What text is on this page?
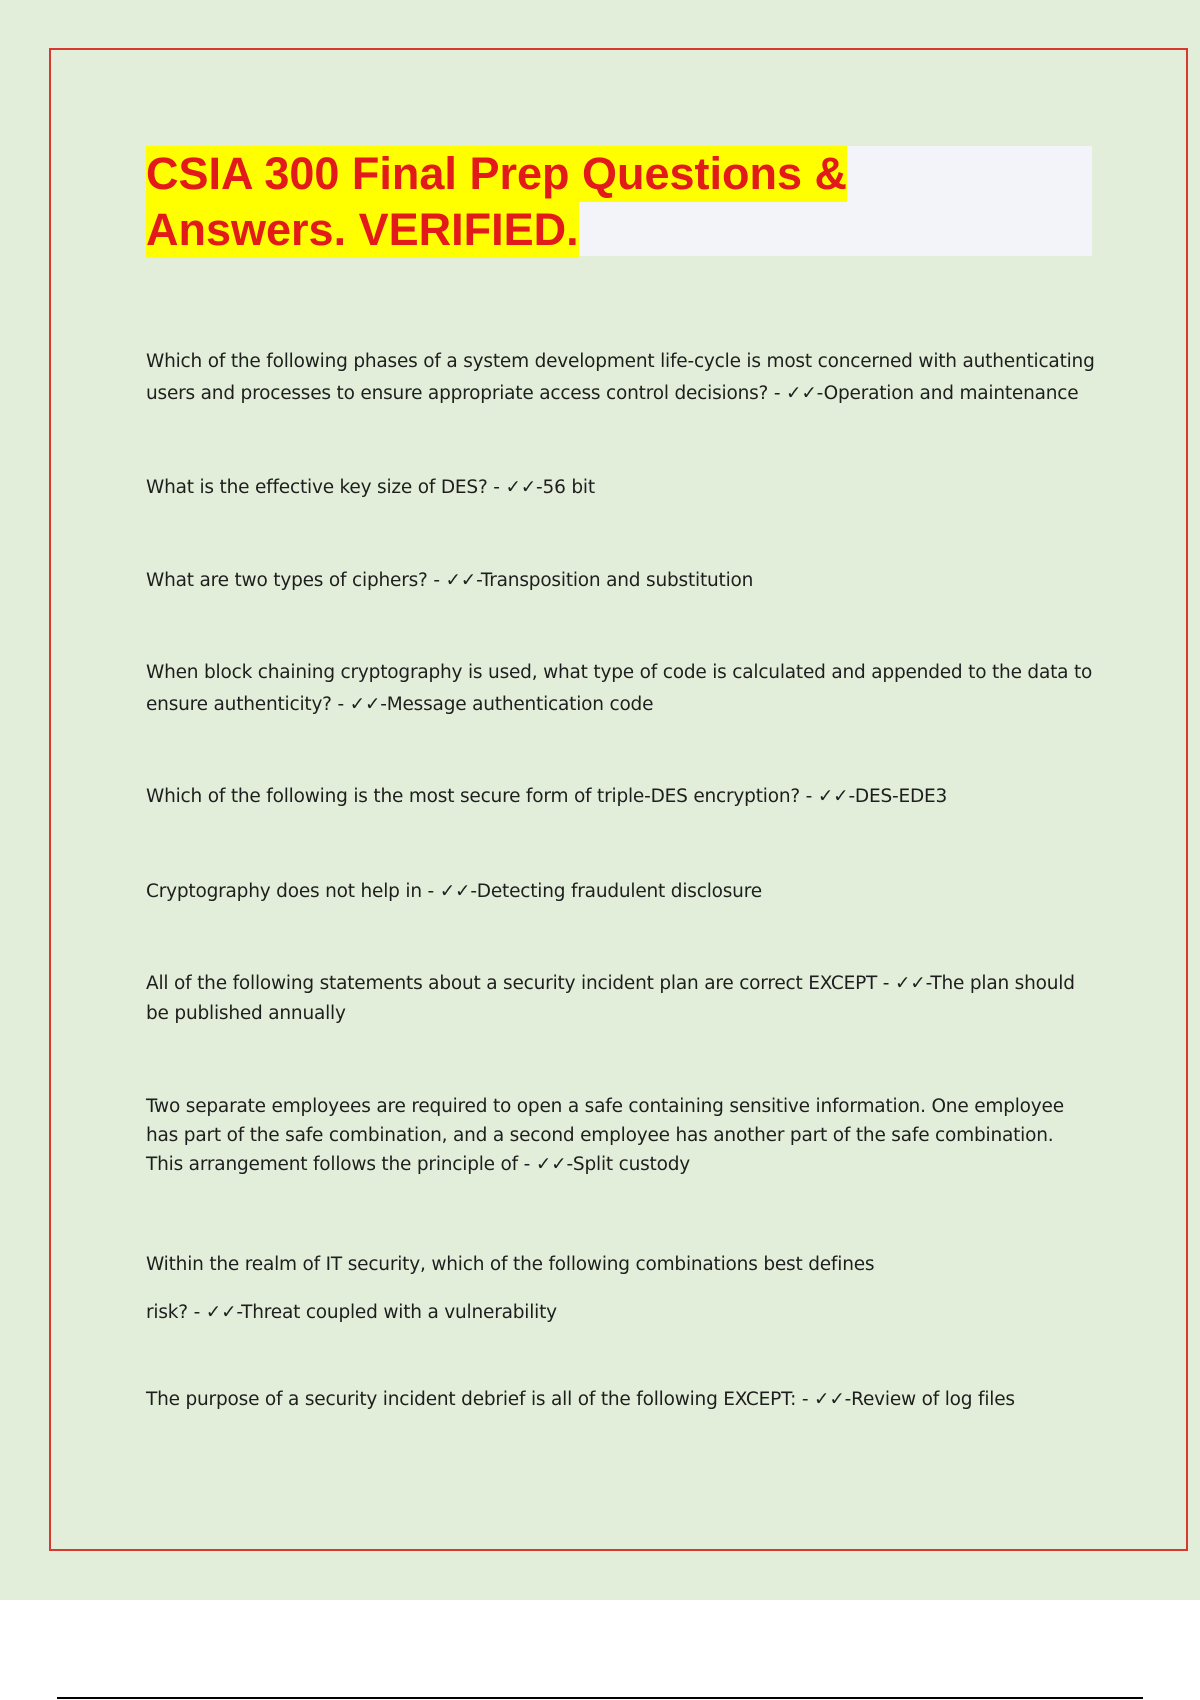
CSIA 300 Final Prep Questions &
Answers. VERIFIED.
Which of the following phases of a system development life-cycle is most concerned with authenticating users and processes to ensure appropriate access control decisions? - ✓✓-Operation and maintenance
What is the effective key size of DES? - ✓✓-56 bit
What are two types of ciphers? - ✓✓-Transposition and substitution
When block chaining cryptography is used, what type of code is calculated and appended to the data to ensure authenticity? - ✓✓-Message authentication code
Which of the following is the most secure form of triple-DES encryption? - ✓✓-DES-EDE3
Cryptography does not help in - ✓✓-Detecting fraudulent disclosure
All of the following statements about a security incident plan are correct EXCEPT - ✓✓-The plan should be published annually
Two separate employees are required to open a safe containing sensitive information. One employee has part of the safe combination, and a second employee has another part of the safe combination. This arrangement follows the principle of - ✓✓-Split custody
Within the realm of IT security, which of the following combinations best defines risk? - ✓✓-Threat coupled with a vulnerability
The purpose of a security incident debrief is all of the following EXCEPT: - ✓✓-Review of log files
